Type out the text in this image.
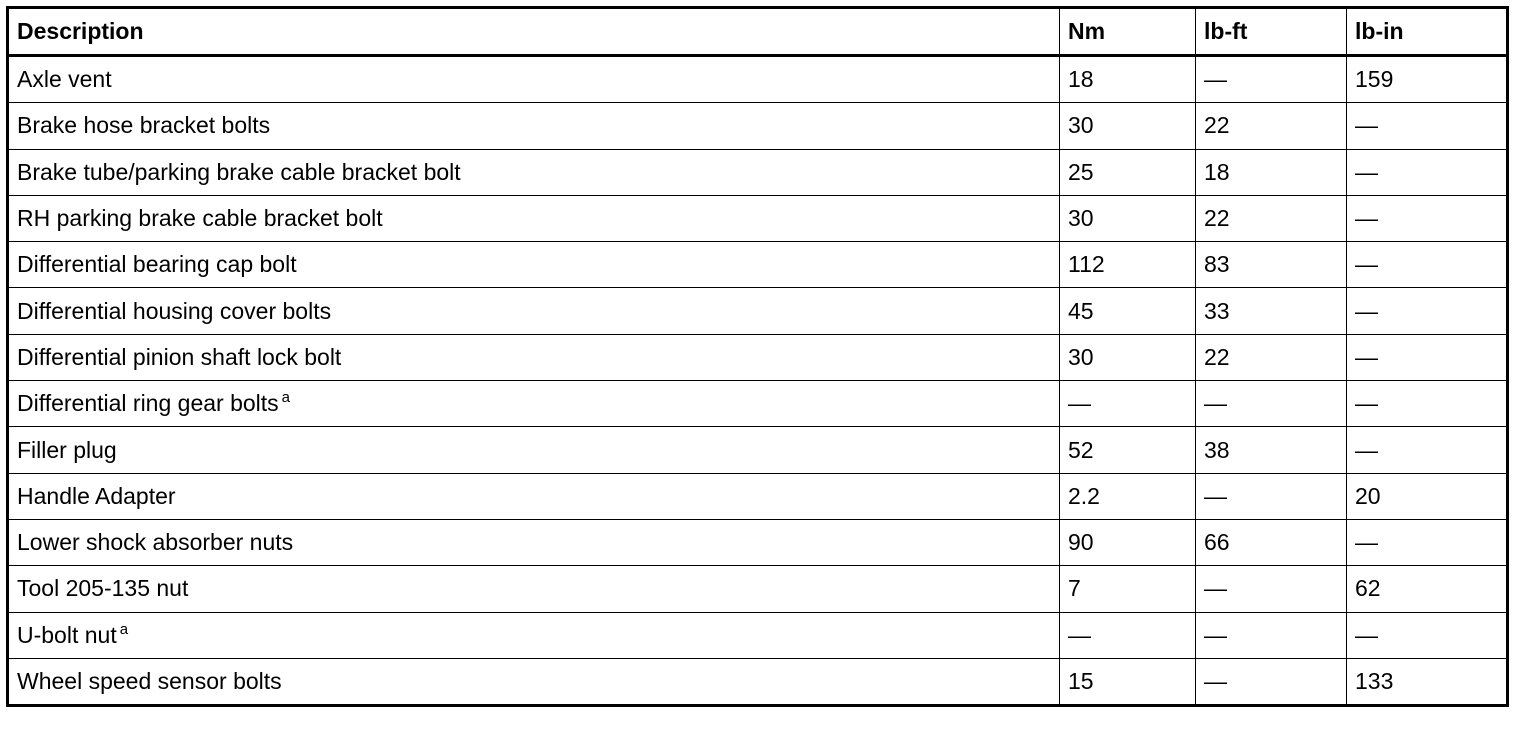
Description	Nm	lb-ft	lb-in
Axle vent	18	—	159
Brake hose bracket bolts	30	22	—
Brake tube/parking brake cable bracket bolt	25	18	—
RH parking brake cable bracket bolt	30	22	—
Differential bearing cap bolt	112	83	—
Differential housing cover bolts	45	33	—
Differential pinion shaft lock bolt	30	22	—
Differential ring gear bolts $^a$	—	—	—
Filler plug	52	38	—
Handle Adapter	2.2	—	20
Lower shock absorber nuts	90	66	—
Tool 205-135 nut	7	—	62
U-bolt nut $^a$	—	—	—
Wheel speed sensor bolts	15	—	133
